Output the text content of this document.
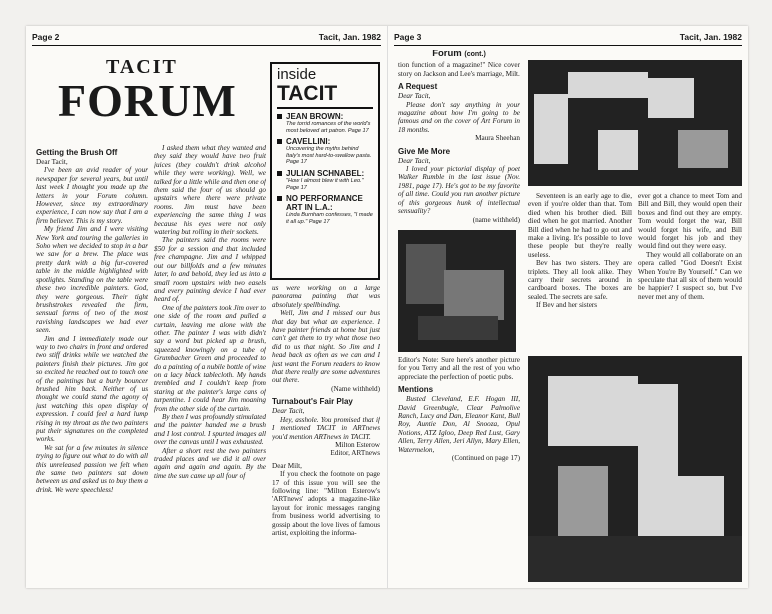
Page 2	Tacit, Jan. 1982
TACIT
FORUM
inside
TACIT
JEAN BROWN:
The torrid romances of the world's most beloved art patron. Page 17
CAVELLINI:
Uncovering the myths behind Italy's most hard-to-swallow pasta. Page 17
JULIAN SCHNABEL:
"How I almost blew it with Leo." Page 17
NO PERFORMANCE ART IN L.A.:
Linda Burnham confesses, "I made it all up." Page 17
Getting the Brush Off

Dear Tacit,

I've been an avid reader of your newspaper for several years, but until last week I thought you made up the letters in your Forum column. However, since my extraordinary experience, I can now say that I am a firm believer. This is my story.

My friend Jim and I were visiting New York and touring the galleries in Soho when we decided to stop in a bar we saw for a brew. The place was pretty dark with a big fur-covered table in the middle highlighted with spotlights. Standing on the table were these two incredible painters. God, they were gorgeous. Their tight brushstrokes revealed the firm, sensual forms of two of the most ravishing landscapes we had ever seen.

Jim and I immediately made our way to two chairs in front and ordered two stiff drinks while we watched the painters finish their pictures. Jim got so excited he reached out to touch one of the paintings but a burly bouncer brushed him back. Neither of us thought we could stand the agony of just watching this open display of expression. I could feel a hard lump rising in my throat as the two painters put their signatures on the completed works.

We sat for a few minutes in silence trying to figure out what to do with all this unreleased passion we felt when the same two painters sat down between us and asked us to buy them a drink. We were speechless!

I asked them what they wanted and they said they would have two fruit juices (they couldn't drink alcohol while they were working). Well, we talked for a little while and then one of them said the four of us should go upstairs where there were private rooms. Jim must have been experiencing the same thing I was because his eyes were not only watering but rolling in their sockets.

The painters said the rooms were $50 for a session and that included free champagne. Jim and I whipped out our billfolds and a few minutes later, lo and behold, they led us into a small room upstairs with two easels and every painting device I had ever heard of.

One of the painters took Jim over to one side of the room and pulled a curtain, leaving me alone with the other. The painter I was with didn't say a word but picked up a brush, squeezed knowingly on a tube of Grumbacher Green and proceeded to do a painting of a nubile bottle of wine on a lacy black tablecloth. My hands trembled and I couldn't keep from staring at the painter's large cans of turpentine. I could hear Jim moaning from the other side of the curtain.

By then I was profoundly stimulated and the painter handed me a brush and I lost control. I spurted images all over the canvas until I was exhausted.

After a short rest the two painters traded places and we did it all over again and again and again. By the time the sun came up all four of

us were working on a large panorama painting that was absolutely spellbinding.

Well, Jim and I missed our bus that day but what an experience. I have painter friends at home but just can't get them to try what those two did to us that night. So Jim and I head back as often as we can and I just want the Forum readers to know that there really are some adventures out there.

(Name withheld)

Turnabout's Fair Play

Dear Tacit,

Hey, asshole. You promised that if I mentioned TACIT in ARTnews you'd mention ARTnews in TACIT.

Milton Esterow

Editor, ARTnews

Dear Milt,

If you check the footnote on page 17 of this issue you will see the following line: "Milton Esterow's 'ARTnews' adopts a magazine-like layout for ironic messages ranging from business world advertising to gossip about the love lives of famous artist, exploiting the informa-

Page 3	Tacit, Jan. 1982
Forum (cont.)

tion function of a magazine!" Nice cover story on Jackson and Lee's marriage, Milt.

A Request

Dear Tacit,

Please don't say anything in your magazine about how I'm going to be famous and on the cover of Art Forum in 18 months.

Maura Sheehan

Give Me More

Dear Tacit,

I loved your pictorial display of poet Walker Rumble in the last issue (Nov. 1981, page 17). He's got to be my favorite of all time. Could you run another picture of this gorgeous hunk of intellectual sensuality?

(name withheld)

Editor's Note: Sure here's another picture for you Terry and all the rest of you who appreciate the perfection of poetic pubs.

Mentions

Busted Cleveland, E.F. Hogan III, David Greenbugle, Clear Palmolive Ranch, Lucy and Dan, Eleanor Kant, Bull Roy, Auntie Don, Al Snooza, Opul Notions, ATZ Igloo, Deep Red Lust, Gary Allen, Terry Allen, Jeri Allyn, Mary Ellen, Watermelon,

(Continued on page 17)

Seventeen is an early age to die, even if you're older than that. Tom died when his brother died. Bill died when he got married. Another Bill died when he had to go out and make a living. It's possible to love these people but they're really useless.

Bev has two sisters. They are triplets. They all look alike. They carry their secrets around in cardboard boxes. The boxes are sealed. The secrets are safe.

If Bev and her sisters

ever got a chance to meet Tom and Bill and Bill, they would open their boxes and find out they are empty. Tom would forget the war, Bill would forget his wife, and Bill would forget his job and they would find out they were easy.

They would all collaborate on an opera called "God Doesn't Exist When You're By Yourself." Can we speculate that all six of them would be happier? I suspect so, but I've never met any of them.
